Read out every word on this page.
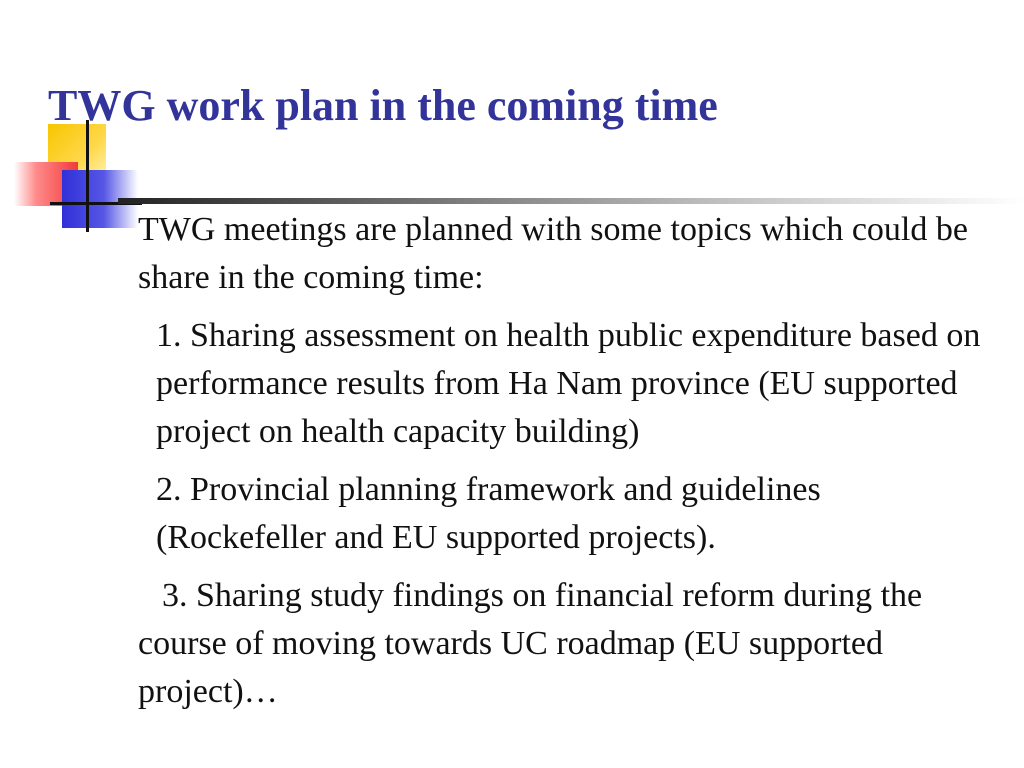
TWG work plan in the coming time

TWG meetings are planned with some topics which could be share in the coming time:

1. Sharing assessment on health public expenditure based on performance results from Ha Nam province (EU supported project on health capacity building)

2. Provincial planning framework and guidelines (Rockefeller and EU supported projects).

3. Sharing study findings on financial reform during the course of moving towards UC roadmap (EU supported project)…
